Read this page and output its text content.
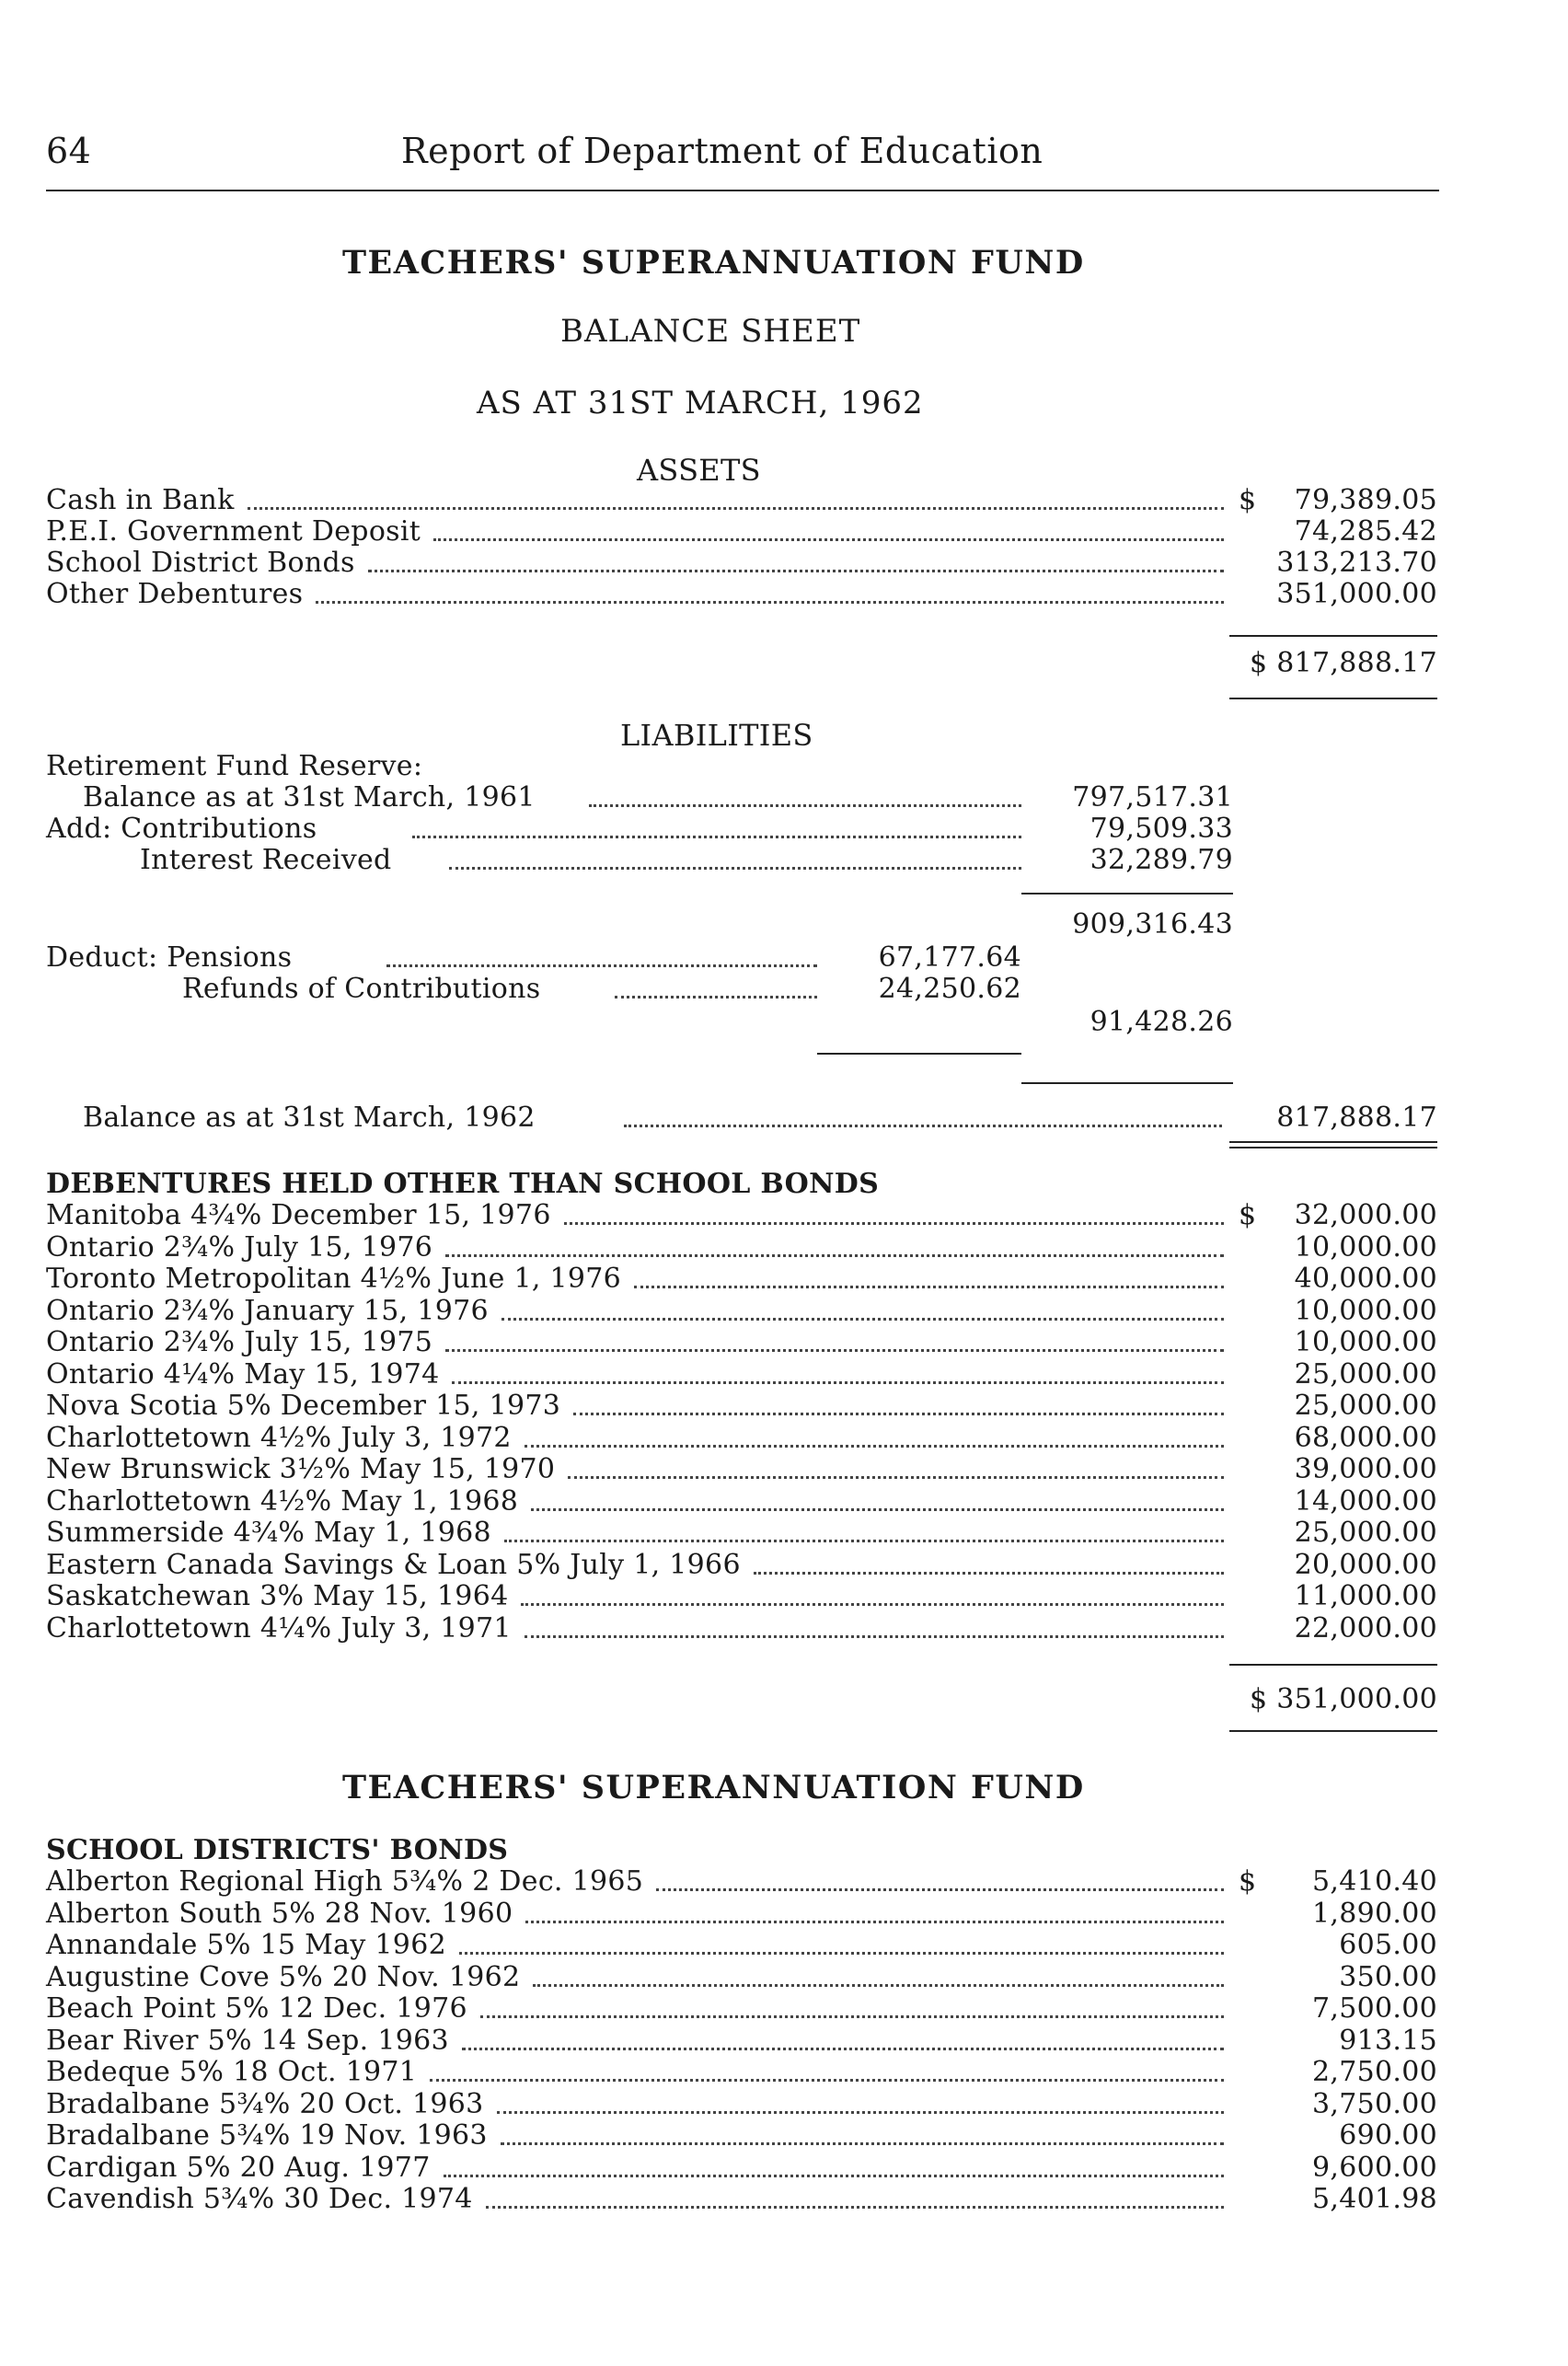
64	Report of Department of Education
TEACHERS' SUPERANNUATION FUND
BALANCE SHEET
AS AT 31ST MARCH, 1962
ASSETS
Cash in Bank	$	79,389.05
P.E.I. Government Deposit	74,285.42
School District Bonds	313,213.70
Other Debentures	351,000.00
$ 817,888.17
LIABILITIES
Retirement Fund Reserve:
Balance as at 31st March, 1961	797,517.31
Add: Contributions	79,509.33
Interest Received	32,289.79
909,316.43
Deduct: Pensions	67,177.64
Refunds of Contributions	24,250.62
91,428.26
Balance as at 31st March, 1962	817,888.17
DEBENTURES HELD OTHER THAN SCHOOL BONDS
Manitoba 4¾% December 15, 1976	$	32,000.00
Ontario 2¾% July 15, 1976	10,000.00
Toronto Metropolitan 4½% June 1, 1976	40,000.00
Ontario 2¾% January 15, 1976	10,000.00
Ontario 2¾% July 15, 1975	10,000.00
Ontario 4¼% May 15, 1974	25,000.00
Nova Scotia 5% December 15, 1973	25,000.00
Charlottetown 4½% July 3, 1972	68,000.00
New Brunswick 3½% May 15, 1970	39,000.00
Charlottetown 4½% May 1, 1968	14,000.00
Summerside 4¾% May 1, 1968	25,000.00
Eastern Canada Savings & Loan 5% July 1, 1966	20,000.00
Saskatchewan 3% May 15, 1964	11,000.00
Charlottetown 4¼% July 3, 1971	22,000.00
$ 351,000.00
TEACHERS' SUPERANNUATION FUND
SCHOOL DISTRICTS' BONDS
Alberton Regional High 5¾% 2 Dec. 1965	$	5,410.40
Alberton South 5% 28 Nov. 1960	1,890.00
Annandale 5% 15 May 1962	605.00
Augustine Cove 5% 20 Nov. 1962	350.00
Beach Point 5% 12 Dec. 1976	7,500.00
Bear River 5% 14 Sep. 1963	913.15
Bedeque 5% 18 Oct. 1971	2,750.00
Bradalbane 5¾% 20 Oct. 1963	3,750.00
Bradalbane 5¾% 19 Nov. 1963	690.00
Cardigan 5% 20 Aug. 1977	9,600.00
Cavendish 5¾% 30 Dec. 1974	5,401.98
